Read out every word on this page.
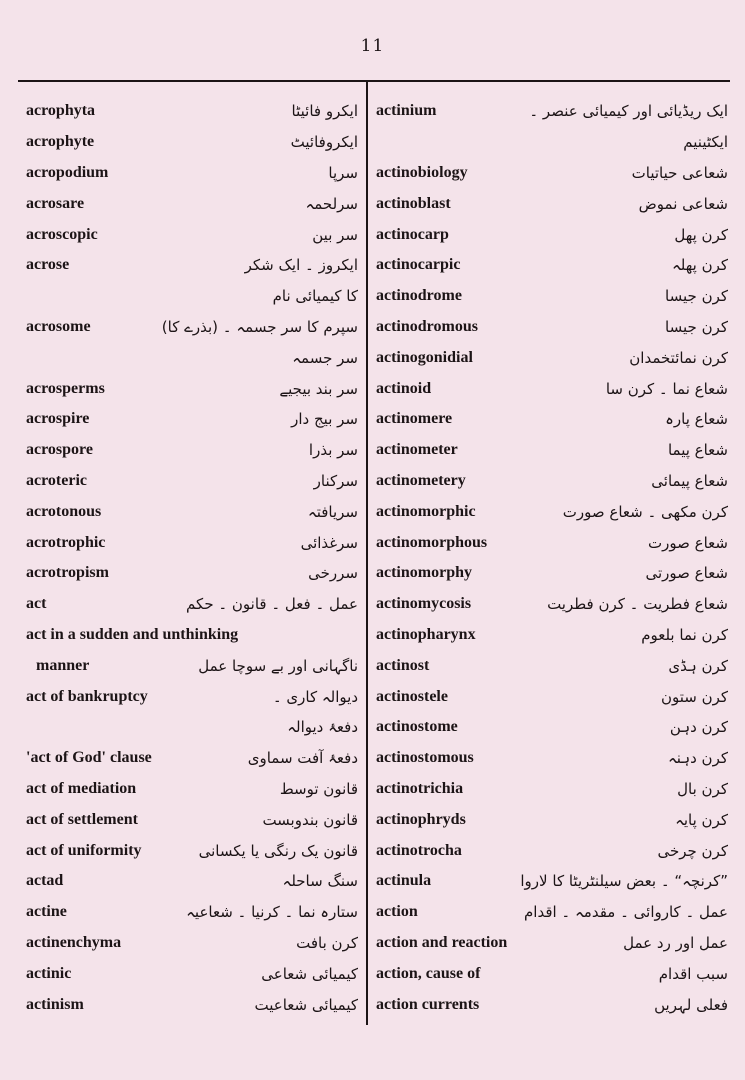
11
acrophyta	ایکرو فائیٹا
acrophyte	ایکروفائیٹ
acropodium	سرپا
acrosare	سرلحمہ
acroscopic	سر بین
acrose	ایکروز ۔ ایک شکر
کا کیمیائی نام
acrosome	سپرم کا سر جسمہ ۔ (بذرے کا)
سر جسمہ
acrosperms	سر بند بیجیے
acrospire	سر بیج دار
acrospore	سر بذرا
acroteric	سرکنار
acrotonous	سریافتہ
acrotrophic	سرغذائی
acrotropism	سررخی
act	عمل ۔ فعل ۔ قانون ۔ حکم
act in a sudden and unthinking
manner	ناگہانی اور بے سوچا عمل
act of bankruptcy	دیوالہ کاری ۔
دفعۂ دیوالہ
'act of God' clause	دفعۂ آفت سماوی
act of mediation	قانون توسط
act of settlement	قانون بندوبست
act of uniformity	قانون یک رنگی یا یکسانی
actad	سنگ ساحلہ
actine	ستارہ نما ۔ کرنیا ۔ شعاعیہ
actinenchyma	کرن بافت
actinic	کیمیائی شعاعی
actinism	کیمیائی شعاعیت
actinium	ایک ریڈیائی اور کیمیائی عنصر ۔
ایکٹینیم
actinobiology	شعاعی حیاتیات
actinoblast	شعاعی نموض
actinocarp	کرن پھل
actinocarpic	کرن پھلہ
actinodrome	کرن جیسا
actinodromous	کرن جیسا
actinogonidial	کرن نمائتخمدان
actinoid	شعاع نما ۔ کرن سا
actinomere	شعاع پارہ
actinometer	شعاع پیما
actinometery	شعاع پیمائی
actinomorphic	کرن مکھی ۔ شعاع صورت
actinomorphous	شعاع صورت
actinomorphy	شعاع صورتی
actinomycosis	شعاع فطریت ۔ کرن فطریت
actinopharynx	کرن نما بلعوم
actinost	کرن ہڈی
actinostele	کرن ستون
actinostome	کرن دہن
actinostomous	کرن دہنہ
actinotrichia	کرن بال
actinophryds	کرن پایہ
actinotrocha	کرن چرخی
actinula	”کرنچہ“ ۔ بعض سیلنٹریٹا کا لاروا
action	عمل ۔ کاروائی ۔ مقدمہ ۔ اقدام
action and reaction	عمل اور رد عمل
action, cause of	سبب اقدام
action currents	فعلی لہریں
